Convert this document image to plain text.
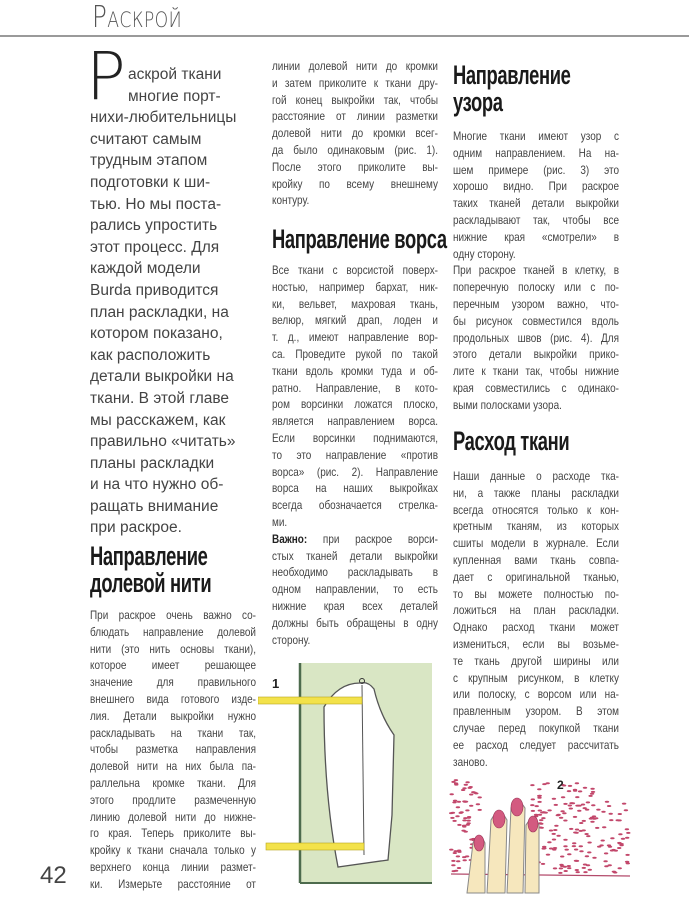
Раскрой
Р аскрой ткани
многие порт-
нихи-любительницы
считают самым
трудным этапом
подготовки к ши-
тью. Но мы поста-
рались упростить
этот процесс. Для
каждой модели
Burda приводится
план раскладки, на
котором показано,
как расположить
детали выкройки на
ткани. В этой главе
мы расскажем, как
правильно «читать»
планы раскладки
и на что нужно об-
ращать внимание
при раскрое.
Направление
долевой нити
При раскрое очень важно со-
блюдать направление долевой
нити (это нить основы ткани),
которое имеет решающее
значение для правильного
внешнего вида готового изде-
лия. Детали выкройки нужно
раскладывать на ткани так,
чтобы разметка направления
долевой нити на них была па-
раллельна кромке ткани. Для
этого продлите размеченную
линию долевой нити до нижне-
го края. Теперь приколите вы-
кройку к ткани сначала только у
верхнего конца линии размет-
ки. Измерьте расстояние от
линии долевой нити до кромки
и затем приколите к ткани дру-
гой конец выкройки так, чтобы
расстояние от линии разметки
долевой нити до кромки всег-
да было одинаковым (рис. 1).
После этого приколите вы-
кройку по всему внешнему
контуру.
Направление ворса
Все ткани с ворсистой поверх-
ностью, например бархат, ник-
ки, вельвет, махровая ткань,
велюр, мягкий драп, лоден и
т. д., имеют направление вор-
са. Проведите рукой по такой
ткани вдоль кромки туда и об-
ратно. Направление, в кото-
ром ворсинки ложатся плоско,
является направлением ворса.
Если ворсинки поднимаются,
то это направление «против
ворса» (рис. 2). Направление
ворса на наших выкройках
всегда обозначается стрелка-
ми.
Важно: при раскрое ворси-
стых тканей детали выкройки
необходимо раскладывать в
одном направлении, то есть
нижние края всех деталей
должны быть обращены в одну
сторону.
Направление
узора
Многие ткани имеют узор с
одним направлением. На на-
шем примере (рис. 3) это
хорошо видно. При раскрое
таких тканей детали выкройки
раскладывают так, чтобы все
нижние края «смотрели» в
одну сторону.
При раскрое тканей в клетку, в
поперечную полоску или с по-
перечным узором важно, что-
бы рисунок совместился вдоль
продольных швов (рис. 4). Для
этого детали выкройки прико-
лите к ткани так, чтобы нижние
края совместились с одинако-
выми полосками узора.
Расход ткани
Наши данные о расходе тка-
ни, а также планы раскладки
всегда относятся только к кон-
кретным тканям, из которых
сшиты модели в журнале. Если
купленная вами ткань совпа-
дает с оригинальной тканью,
то вы можете полностью по-
ложиться на план раскладки.
Однако расход ткани может
измениться, если вы возьме-
те ткань другой ширины или
с крупным рисунком, в клетку
или полоску, с ворсом или на-
правленным узором. В этом
случае перед покупкой ткани
ее расход следует рассчитать
заново.
1
2
42
